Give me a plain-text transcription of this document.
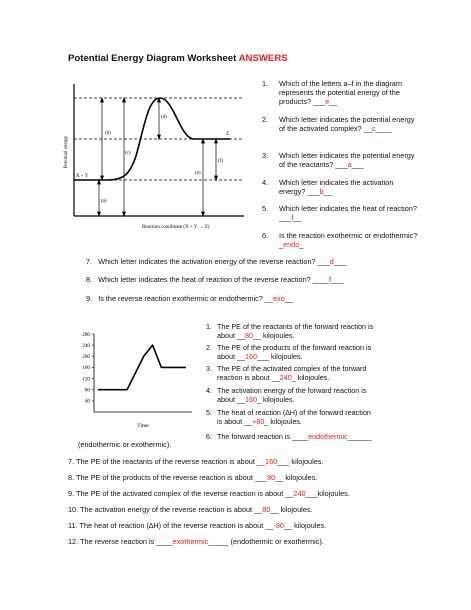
Potential Energy Diagram Worksheet ANSWERS
Potential energy
Reaction coordinate (X + Y → Z)
(a)
(b)
(c)
(d)
(e)
(f)
X + Y
Z
1. Which of the letters a–f in the diagram represents the potential energy of the products? ___e__
2. Which letter indicates the potential energy of the activated complex? __c____
3. Which letter indicates the potential energy of the reactants? ___a___
4. Which letter indicates the activation energy? ___b__
5. Which letter indicates the heat of reaction? ___f__
6. Is the reaction exothermic or endothermic? _endo_
7. Which letter indicates the activation energy of the reverse reaction? ___d___
8. Which letter indicates the heat of reaction of the reverse reaction? ____f___
9. Is the reverse reaction exothermic or endothermic? __exo__
40
80
120
160
200
240
280
Time
1. The PE of the reactants of the forward reaction is about __80__ kilojoules.
2. The PE of the products of the forward reaction is about __160___ kilojoules.
3. The PE of the activated complex of the forward reaction is about __240_ kilojoules.
4. The activation energy of the forward reaction is about __160_ kilojoules.
5. The heat of reaction (∆H) of the forward reaction is about __+80_ kilojoules.
6. The forward reaction is ____endothermic______
(endothermic or exothermic).
7. The PE of the reactants of the reverse reaction is about __160___ kilojoules.
8. The PE of the products of the reverse reaction is about ___80__ kilojoules.
9. The PE of the activated complex of the reverse reaction is about __240___kilojoules.
10. The activation energy of the reverse reaction is about __80__ kilojoules.
11. The heat of reaction (∆H) of the reverse reaction is about __-80__ kilojoules.
12. The reverse reaction is ____exothermic_____ (endothermic or exothermic).
